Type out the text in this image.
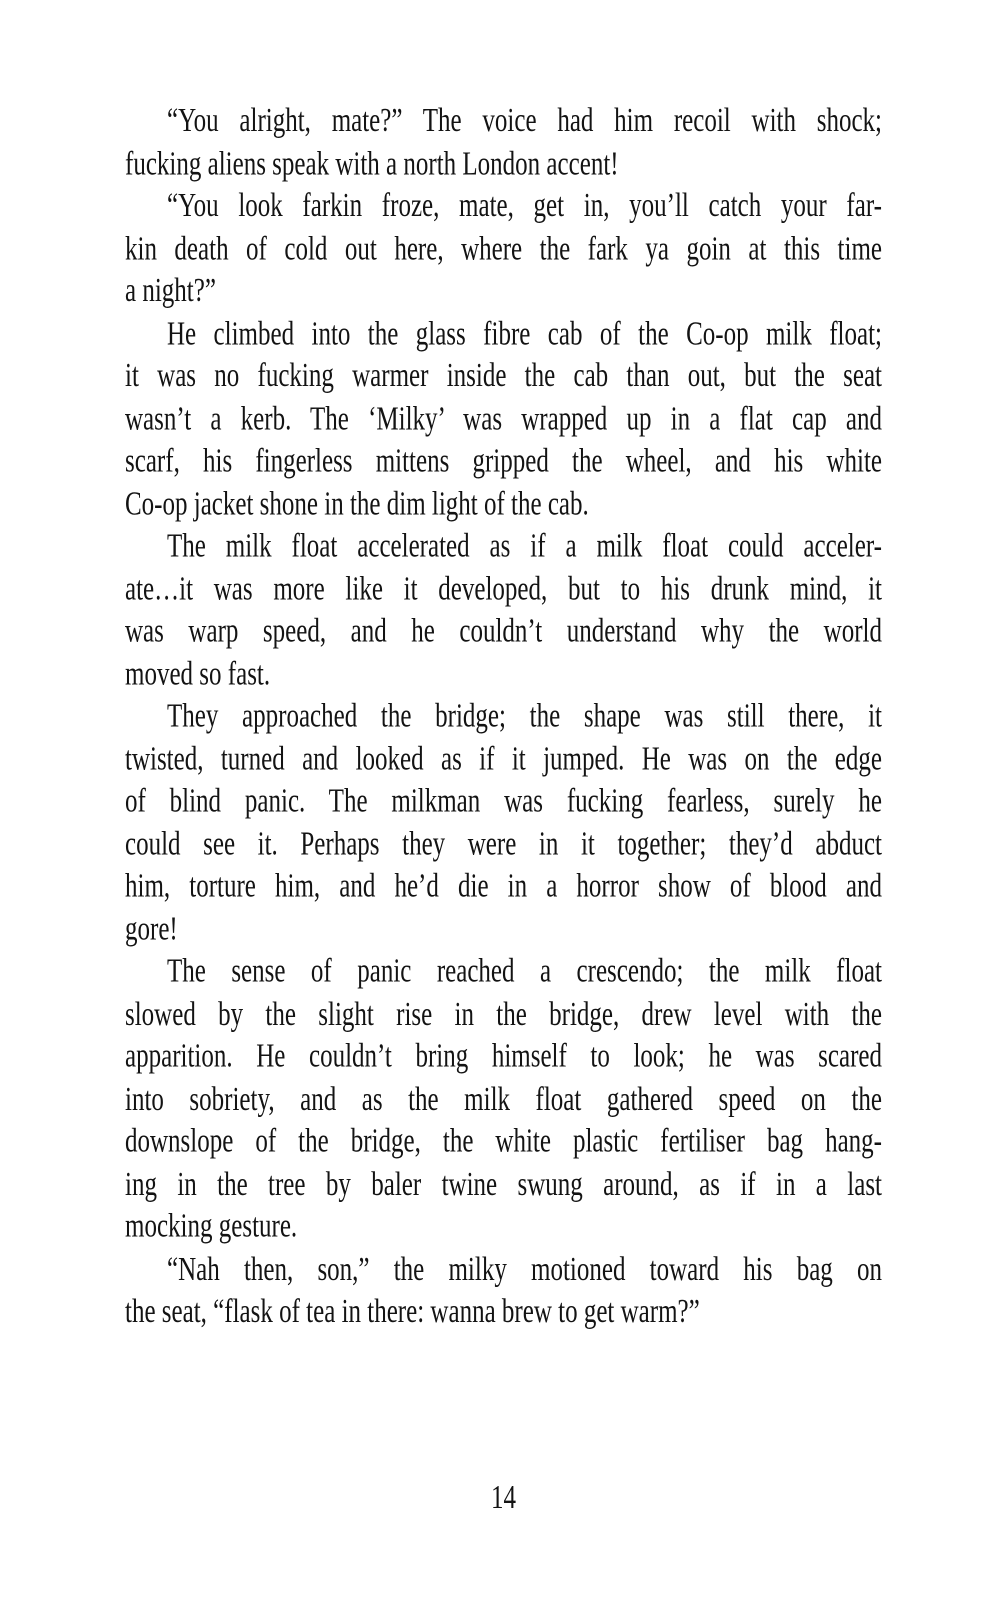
“You alright, mate?” The voice had him recoil with shock;
fucking aliens speak with a north London accent!
“You look farkin froze, mate, get in, you’ll catch your far-
kin death of cold out here, where the fark ya goin at this time
a night?”
He climbed into the glass fibre cab of the Co-op milk float;
it was no fucking warmer inside the cab than out, but the seat
wasn’t a kerb. The ‘Milky’ was wrapped up in a flat cap and
scarf, his fingerless mittens gripped the wheel, and his white
Co-op jacket shone in the dim light of the cab.
The milk float accelerated as if a milk float could acceler-
ate…it was more like it developed, but to his drunk mind, it
was warp speed, and he couldn’t understand why the world
moved so fast.
They approached the bridge; the shape was still there, it
twisted, turned and looked as if it jumped. He was on the edge
of blind panic. The milkman was fucking fearless, surely he
could see it. Perhaps they were in it together; they’d abduct
him, torture him, and he’d die in a horror show of blood and
gore!
The sense of panic reached a crescendo; the milk float
slowed by the slight rise in the bridge, drew level with the
apparition. He couldn’t bring himself to look; he was scared
into sobriety, and as the milk float gathered speed on the
downslope of the bridge, the white plastic fertiliser bag hang-
ing in the tree by baler twine swung around, as if in a last
mocking gesture.
“Nah then, son,” the milky motioned toward his bag on
the seat, “flask of tea in there: wanna brew to get warm?”
14
